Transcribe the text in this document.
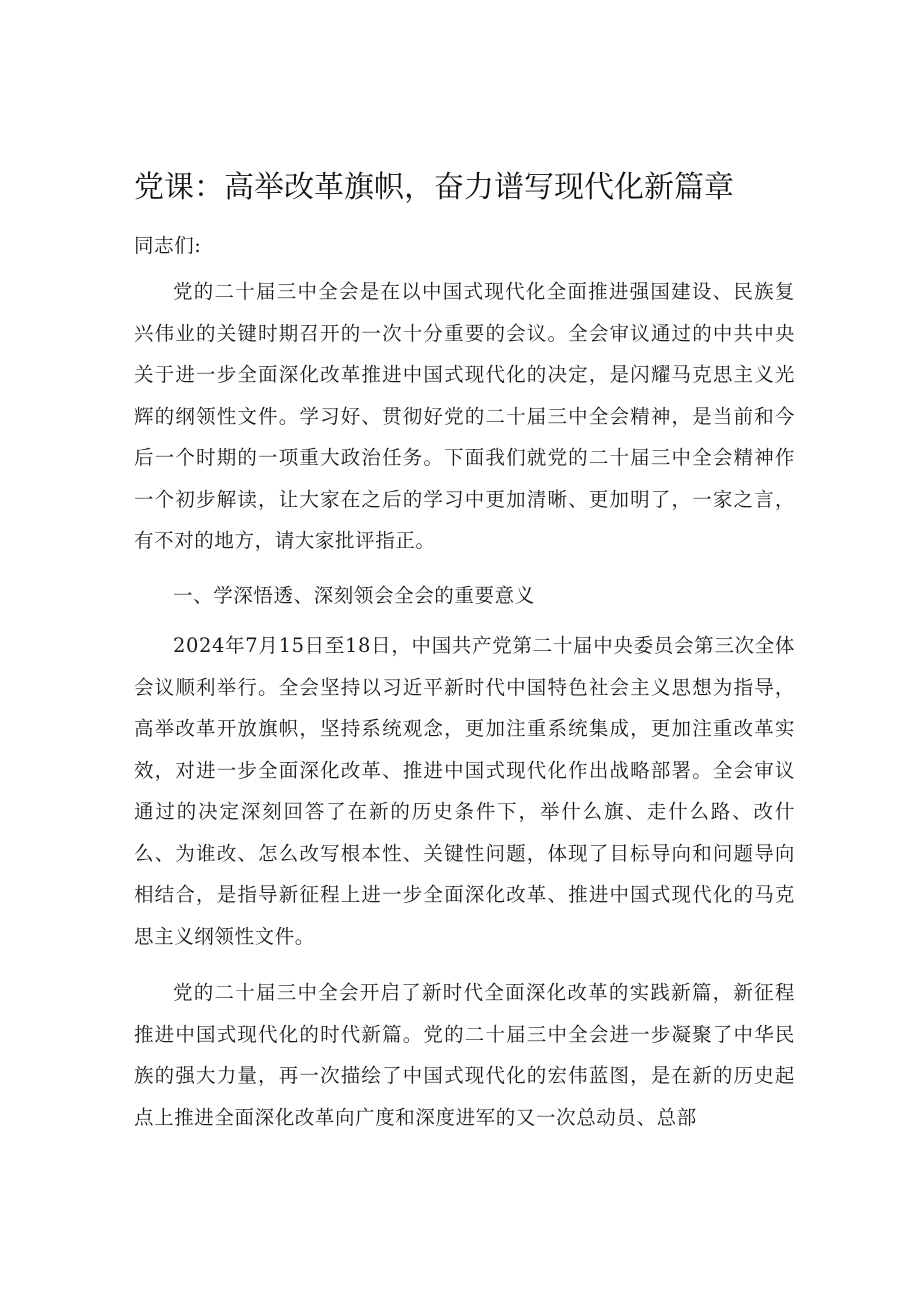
党课：高举改革旗帜，奋力谱写现代化新篇章

同志们:

党的二十届三中全会是在以中国式现代化全面推进强国建设、民族复兴伟业的关键时期召开的一次十分重要的会议。全会审议通过的中共中央关于进一步全面深化改革推进中国式现代化的决定，是闪耀马克思主义光辉的纲领性文件。学习好、贯彻好党的二十届三中全会精神，是当前和今后一个时期的一项重大政治任务。下面我们就党的二十届三中全会精神作一个初步解读，让大家在之后的学习中更加清晰、更加明了，一家之言，有不对的地方，请大家批评指正。

一、学深悟透、深刻领会全会的重要意义

2024年7月15日至18日，中国共产党第二十届中央委员会第三次全体会议顺利举行。全会坚持以习近平新时代中国特色社会主义思想为指导，高举改革开放旗帜，坚持系统观念，更加注重系统集成，更加注重改革实效，对进一步全面深化改革、推进中国式现代化作出战略部署。全会审议通过的决定深刻回答了在新的历史条件下，举什么旗、走什么路、改什么、为谁改、怎么改写根本性、关键性问题，体现了目标导向和问题导向相结合，是指导新征程上进一步全面深化改革、推进中国式现代化的马克思主义纲领性文件。

党的二十届三中全会开启了新时代全面深化改革的实践新篇，新征程推进中国式现代化的时代新篇。党的二十届三中全会进一步凝聚了中华民族的强大力量，再一次描绘了中国式现代化的宏伟蓝图，是在新的历史起点上推进全面深化改革向广度和深度进军的又一次总动员、总部
